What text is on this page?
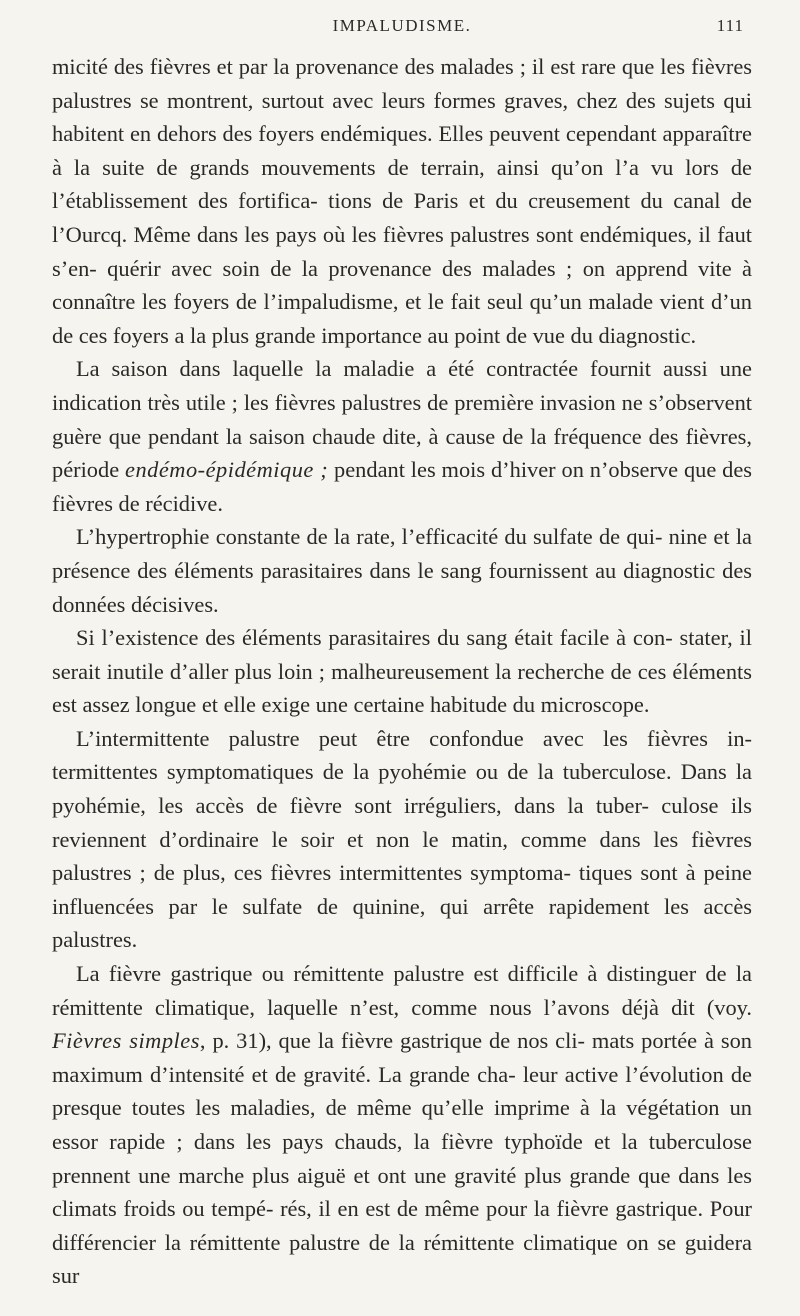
IMPALUDISME.	111

micité des fièvres et par la provenance des malades ; il est rare que les fièvres palustres se montrent, surtout avec leurs formes graves, chez des sujets qui habitent en dehors des foyers endémiques. Elles peuvent cependant apparaître à la suite de grands mouvements de terrain, ainsi qu’on l’a vu lors de l’établissement des fortifica- tions de Paris et du creusement du canal de l’Ourcq. Même dans les pays où les fièvres palustres sont endémiques, il faut s’en- quérir avec soin de la provenance des malades ; on apprend vite à connaître les foyers de l’impaludisme, et le fait seul qu’un malade vient d’un de ces foyers a la plus grande importance au point de vue du diagnostic.

La saison dans laquelle la maladie a été contractée fournit aussi une indication très utile ; les fièvres palustres de première invasion ne s’observent guère que pendant la saison chaude dite, à cause de la fréquence des fièvres, période endémo-épidémique ; pendant les mois d’hiver on n’observe que des fièvres de récidive.

L’hypertrophie constante de la rate, l’efficacité du sulfate de qui- nine et la présence des éléments parasitaires dans le sang fournissent au diagnostic des données décisives.

Si l’existence des éléments parasitaires du sang était facile à con- stater, il serait inutile d’aller plus loin ; malheureusement la recherche de ces éléments est assez longue et elle exige une certaine habitude du microscope.

L’intermittente palustre peut être confondue avec les fièvres in- termittentes symptomatiques de la pyohémie ou de la tuberculose. Dans la pyohémie, les accès de fièvre sont irréguliers, dans la tuber- culose ils reviennent d’ordinaire le soir et non le matin, comme dans les fièvres palustres ; de plus, ces fièvres intermittentes symptoma- tiques sont à peine influencées par le sulfate de quinine, qui arrête rapidement les accès palustres.

La fièvre gastrique ou rémittente palustre est difficile à distinguer de la rémittente climatique, laquelle n’est, comme nous l’avons déjà dit (voy. Fièvres simples, p. 31), que la fièvre gastrique de nos cli- mats portée à son maximum d’intensité et de gravité. La grande cha- leur active l’évolution de presque toutes les maladies, de même qu’elle imprime à la végétation un essor rapide ; dans les pays chauds, la fièvre typhoïde et la tuberculose prennent une marche plus aiguë et ont une gravité plus grande que dans les climats froids ou tempé- rés, il en est de même pour la fièvre gastrique. Pour différencier la rémittente palustre de la rémittente climatique on se guidera sur
